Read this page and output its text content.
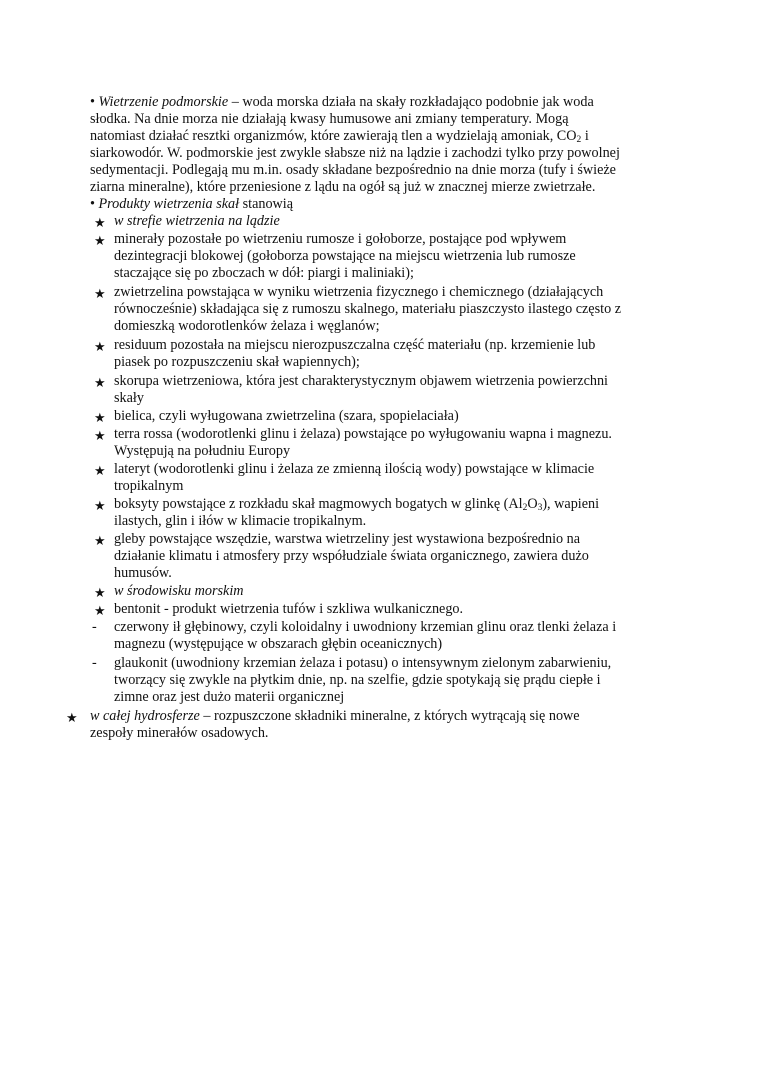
• Wietrzenie podmorskie – woda morska działa na skały rozkładająco podobnie jak woda
słodka. Na dnie morza nie działają kwasy humusowe ani zmiany temperatury. Mogą
natomiast działać resztki organizmów, które zawierają tlen a wydzielają amoniak, $CO_2$ i
siarkowodór. W. podmorskie jest zwykle słabsze niż na lądzie i zachodzi tylko przy powolnej
sedymentacji. Podlegają mu m.in. osady składane bezpośrednio na dnie morza (tufy i świeże
ziarna mineralne), które przeniesione z lądu na ogół są już w znacznej mierze zwietrzałe.
• Produkty wietrzenia skał stanowią
★ w strefie wietrzenia na lądzie
★ minerały pozostałe po wietrzeniu rumosze i gołoborze, postające pod wpływem
dezintegracji blokowej (gołoborza powstające na miejscu wietrzenia lub rumosze
staczające się po zboczach w dół: piargi i maliniaki);
★ zwietrzelina powstająca w wyniku wietrzenia fizycznego i chemicznego (działających
równocześnie) składająca się z rumoszu skalnego, materiału piaszczysto ilastego często z
domieszką wodorotlenków żelaza i węglanów;
★ residuum pozostała na miejscu nierozpuszczalna część materiału (np. krzemienie lub
piasek po rozpuszczeniu skał wapiennych);
★ skorupa wietrzeniowa, która jest charakterystycznym objawem wietrzenia powierzchni
skały
★ bielica, czyli wyługowana zwietrzelina (szara, spopielaciała)
★ terra rossa (wodorotlenki glinu i żelaza) powstające po wyługowaniu wapna i magnezu.
Występują na południu Europy
★ lateryt (wodorotlenki glinu i żelaza ze zmienną ilością wody) powstające w klimacie
tropikalnym
★ boksyty powstające z rozkładu skał magmowych bogatych w glinkę $(Al_2O_3)$, wapieni
ilastych, glin i iłów w klimacie tropikalnym.
★ gleby powstające wszędzie, warstwa wietrzeliny jest wystawiona bezpośrednio na
działanie klimatu i atmosfery przy współudziale świata organicznego, zawiera dużo
humusów.
★ w środowisku morskim
★ bentonit - produkt wietrzenia tufów i szkliwa wulkanicznego.
- czerwony ił głębinowy, czyli koloidalny i uwodniony krzemian glinu oraz tlenki żelaza i
magnezu (występujące w obszarach głębin oceanicznych)
- glaukonit (uwodniony krzemian żelaza i potasu) o intensywnym zielonym zabarwieniu,
tworzący się zwykle na płytkim dnie, np. na szelfie, gdzie spotykają się prądu ciepłe i
zimne oraz jest dużo materii organicznej
★ w całej hydrosferze – rozpuszczone składniki mineralne, z których wytrącają się nowe
zespoły minerałów osadowych.
